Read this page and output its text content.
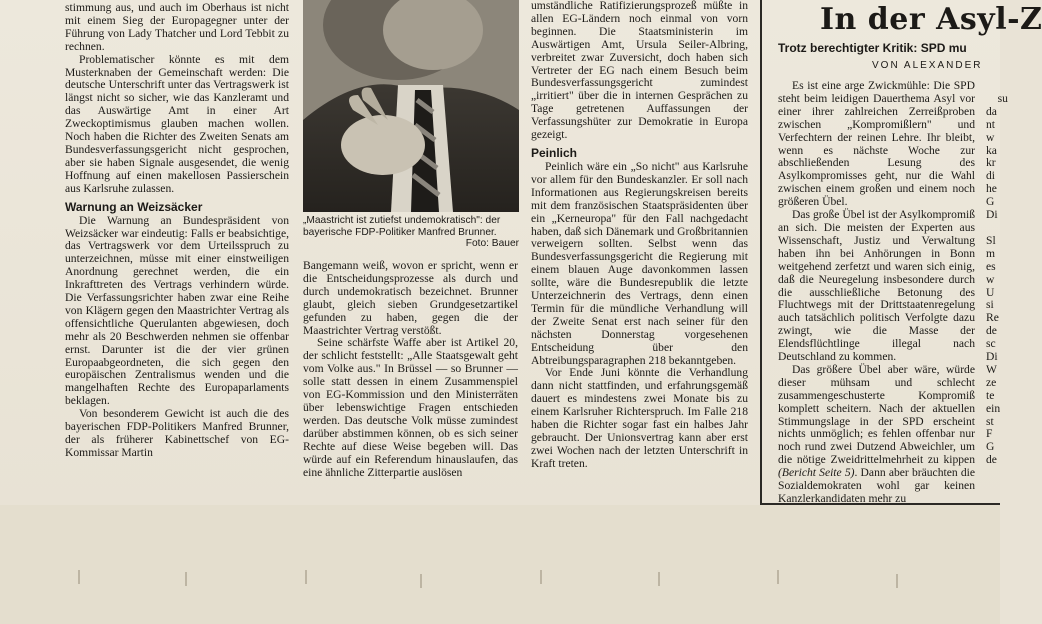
„Maastricht ist zutiefst undemokratisch": der bayerische FDP-Politiker Manfred Brunner.
Foto: Bauer

stimmung aus, und auch im Oberhaus ist nicht mit einem Sieg der Europagegner unter der Führung von Lady Thatcher und Lord Tebbit zu rechnen.

Problematischer könnte es mit dem Musterknaben der Gemeinschaft werden: Die deutsche Unterschrift unter das Vertragswerk ist längst nicht so sicher, wie das Kanzleramt und das Auswärtige Amt in einer Art Zweckoptimismus glauben machen wollen. Noch haben die Richter des Zweiten Senats am Bundesverfassungsgericht nicht gesprochen, aber sie haben Signale ausgesendet, die wenig Hoffnung auf einen makellosen Passierschein aus Karlsruhe zulassen.

Warnung an Weizsäcker

Die Warnung an Bundespräsident von Weizsäcker war eindeutig: Falls er beabsichtige, das Vertragswerk vor dem Urteilsspruch zu unterzeichnen, müsse mit einer einstweiligen Anordnung gerechnet werden, die ein Inkrafttreten des Vertrags verhindern würde. Die Verfassungsrichter haben zwar eine Reihe von Klägern gegen den Maastrichter Vertrag als offensichtliche Querulanten abgewiesen, doch mehr als 20 Beschwerden nehmen sie offenbar ernst. Darunter ist die der vier grünen Europaabgeordneten, die sich gegen den europäischen Zentralismus wenden und die mangelhaften Rechte des Europaparlaments beklagen.

Von besonderem Gewicht ist auch die des bayerischen FDP-Politikers Manfred Brunner, der als früherer Kabinettschef von EG-Kommissar Martin

Bangemann weiß, wovon er spricht, wenn er die Entscheidungsprozesse als durch und durch undemokratisch bezeichnet. Brunner glaubt, gleich sieben Grundgesetzartikel gefunden zu haben, gegen die der Maastrichter Vertrag verstößt.

Seine schärfste Waffe aber ist Artikel 20, der schlicht feststellt: „Alle Staatsgewalt geht vom Volke aus." In Brüssel — so Brunner — solle statt dessen in einem Zusammenspiel von EG-Kommission und den Ministerräten über lebenswichtige Fragen entschieden werden. Das deutsche Volk müsse zumindest darüber abstimmen können, ob es sich seiner Rechte auf diese Weise begeben will. Das würde auf ein Referendum hinauslaufen, das eine ähnliche Zitterpartie auslösen

umständliche Ratifizierungsprozeß müßte in allen EG-Ländern noch einmal von vorn beginnen. Die Staatsministerin im Auswärtigen Amt, Ursula Seiler-Albring, verbreitet zwar Zuversicht, doch haben sich Vertreter der EG nach einem Besuch beim Bundesverfassungsgericht zumindest „irritiert" über die in internen Gesprächen zu Tage getretenen Auffassungen der Verfassungshüter zur Demokratie in Europa gezeigt.

Peinlich

Peinlich wäre ein „So nicht" aus Karlsruhe vor allem für den Bundeskanzler. Er soll nach Informationen aus Regierungskreisen bereits mit dem französischen Staatspräsidenten über ein „Kerneuropa" für den Fall nachgedacht haben, daß sich Dänemark und Großbritannien verweigern sollten. Selbst wenn das Bundesverfassungsgericht die Regierung mit einem blauen Auge davonkommen lassen sollte, wäre die Bundesrepublik die letzte Unterzeichnerin des Vertrags, denn einen Termin für die mündliche Verhandlung will der Zweite Senat erst nach seiner für den nächsten Donnerstag vorgesehenen Entscheidung über den Abtreibungsparagraphen 218 bekanntgeben.

Vor Ende Juni könnte die Verhandlung dann nicht stattfinden, und erfahrungsgemäß dauert es mindestens zwei Monate bis zu einem Karlsruher Richterspruch. Im Falle 218 haben die Richter sogar fast ein halbes Jahr gebraucht. Der Unionsvertrag kann aber erst zwei Wochen nach der letzten Unterschrift in Kraft treten.

In der Asyl-Z
Trotz berechtigter Kritik: SPD mu
VON ALEXANDER

Es ist eine arge Zwickmühle: Die SPD steht beim leidigen Dauerthema Asyl vor einer ihrer zahlreichen Zerreißproben zwischen „Kompromißlern" und Verfechtern der reinen Lehre. Ihr bleibt, wenn es nächste Woche zur abschließenden Lesung des Asylkompromisses geht, nur die Wahl zwischen einem großen und einem noch größeren Übel.

Das große Übel ist der Asylkompromiß an sich. Die meisten der Experten aus Wissenschaft, Justiz und Verwaltung haben ihn bei Anhörungen in Bonn weitgehend zerfetzt und waren sich einig, daß die Neuregelung insbesondere durch die ausschließliche Betonung des Fluchtwegs mit der Drittstaatenregelung auch tatsächlich politisch Verfolgte dazu zwingt, wie die Masse der Elendsflüchtlinge illegal nach Deutschland zu kommen.

Das größere Übel aber wäre, würde dieser mühsam und schlecht zusammengeschusterte Kompromiß komplett scheitern. Nach der aktuellen Stimmungslage in der SPD erscheint nichts unmöglich; es fehlen offenbar nur noch rund zwei Dutzend Abweichler, um die nötige Zweidrittelmehrheit zu kippen (Bericht Seite 5). Dann aber bräuchten die Sozialdemokraten wohl gar keinen Kanzlerkandidaten mehr zu

su
da
nt
w
ka
kr
di
he
G
Di

Sl
m
es
w
U
si
Re
de
sc
Di
W
ze
te
ein
st
F
G
de
